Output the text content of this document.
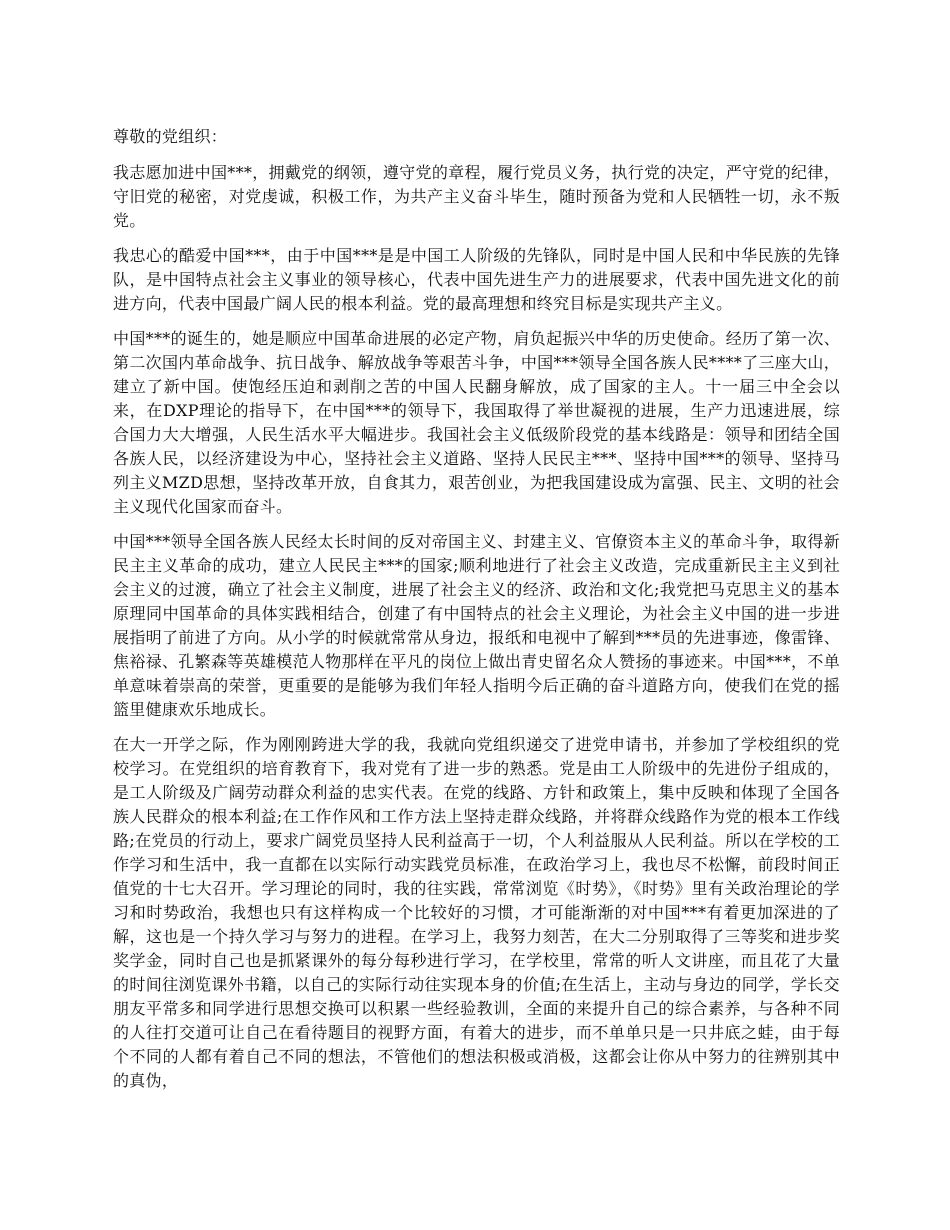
尊敬的党组织：

我志愿加进中国***，拥戴党的纲领，遵守党的章程，履行党员义务，执行党的决定，严守党的纪律，守旧党的秘密，对党虔诚，积极工作，为共产主义奋斗毕生，随时预备为党和人民牺牲一切，永不叛党。

我忠心的酷爱中国***，由于中国***是是中国工人阶级的先锋队，同时是中国人民和中华民族的先锋队，是中国特点社会主义事业的领导核心，代表中国先进生产力的进展要求，代表中国先进文化的前进方向，代表中国最广阔人民的根本利益。党的最高理想和终究目标是实现共产主义。

中国***的诞生的，她是顺应中国革命进展的必定产物，肩负起振兴中华的历史使命。经历了第一次、第二次国内革命战争、抗日战争、解放战争等艰苦斗争，中国***领导全国各族人民****了三座大山，建立了新中国。使饱经压迫和剥削之苦的中国人民翻身解放，成了国家的主人。十一届三中全会以来，在DXP理论的指导下，在中国***的领导下，我国取得了举世凝视的进展，生产力迅速进展，综合国力大大增强，人民生活水平大幅进步。我国社会主义低级阶段党的基本线路是：领导和团结全国各族人民，以经济建设为中心，坚持社会主义道路、坚持人民民主***、坚持中国***的领导、坚持马列主义MZD思想，坚持改革开放，自食其力，艰苦创业，为把我国建设成为富强、民主、文明的社会主义现代化国家而奋斗。

中国***领导全国各族人民经太长时间的反对帝国主义、封建主义、官僚资本主义的革命斗争，取得新民主主义革命的成功，建立人民民主***的国家;顺利地进行了社会主义改造，完成重新民主主义到社会主义的过渡，确立了社会主义制度，进展了社会主义的经济、政治和文化;我党把马克思主义的基本原理同中国革命的具体实践相结合，创建了有中国特点的社会主义理论，为社会主义中国的进一步进展指明了前进了方向。从小学的时候就常常从身边，报纸和电视中了解到***员的先进事迹，像雷锋、焦裕禄、孔繁森等英雄模范人物那样在平凡的岗位上做出青史留名众人赞扬的事迹来。中国***，不单单意味着崇高的荣誉，更重要的是能够为我们年轻人指明今后正确的奋斗道路方向，使我们在党的摇篮里健康欢乐地成长。

在大一开学之际，作为刚刚跨进大学的我，我就向党组织递交了进党申请书，并参加了学校组织的党校学习。在党组织的培育教育下，我对党有了进一步的熟悉。党是由工人阶级中的先进份子组成的，是工人阶级及广阔劳动群众利益的忠实代表。在党的线路、方针和政策上，集中反映和体现了全国各族人民群众的根本利益;在工作作风和工作方法上坚持走群众线路，并将群众线路作为党的根本工作线路;在党员的行动上，要求广阔党员坚持人民利益高于一切，个人利益服从人民利益。所以在学校的工作学习和生活中，我一直都在以实际行动实践党员标准，在政治学习上，我也尽不松懈，前段时间正值党的十七大召开。学习理论的同时，我的往实践，常常浏览《时势》，《时势》里有关政治理论的学习和时势政治，我想也只有这样构成一个比较好的习惯，才可能渐渐的对中国***有着更加深进的了解，这也是一个持久学习与努力的进程。在学习上，我努力刻苦，在大二分别取得了三等奖和进步奖奖学金，同时自己也是抓紧课外的每分每秒进行学习，在学校里，常常的听人文讲座，而且花了大量的时间往浏览课外书籍，以自己的实际行动往实现本身的价值;在生活上，主动与身边的同学，学长交朋友平常多和同学进行思想交换可以积累一些经验教训，全面的来提升自己的综合素养，与各种不同的人往打交道可让自己在看待题目的视野方面，有着大的进步，而不单单只是一只井底之蛙，由于每个不同的人都有着自己不同的想法，不管他们的想法积极或消极，这都会让你从中努力的往辨别其中的真伪，
